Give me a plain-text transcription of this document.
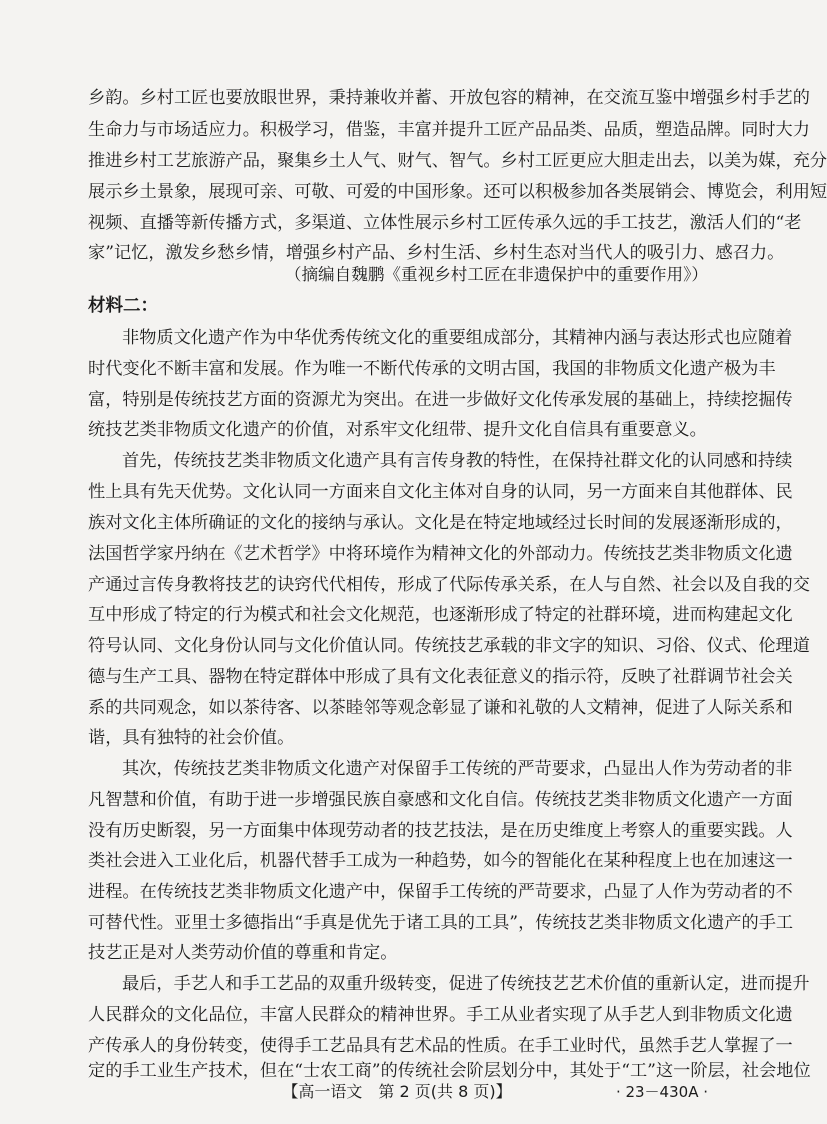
乡韵。乡村工匠也要放眼世界，秉持兼收并蓄、开放包容的精神，在交流互鉴中增强乡村手艺的
生命力与市场适应力。积极学习，借鉴，丰富并提升工匠产品品类、品质，塑造品牌。同时大力
推进乡村工艺旅游产品，聚集乡土人气、财气、智气。乡村工匠更应大胆走出去，以美为媒，充分
展示乡土景象，展现可亲、可敬、可爱的中国形象。还可以积极参加各类展销会、博览会，利用短
视频、直播等新传播方式，多渠道、立体性展示乡村工匠传承久远的手工技艺，激活人们的“老
家”记忆，激发乡愁乡情，增强乡村产品、乡村生活、乡村生态对当代人的吸引力、感召力。
（摘编自魏鹏《重视乡村工匠在非遗保护中的重要作用》）
材料二：
非物质文化遗产作为中华优秀传统文化的重要组成部分，其精神内涵与表达形式也应随着
时代变化不断丰富和发展。作为唯一不断代传承的文明古国，我国的非物质文化遗产极为丰
富，特别是传统技艺方面的资源尤为突出。在进一步做好文化传承发展的基础上，持续挖掘传
统技艺类非物质文化遗产的价值，对系牢文化纽带、提升文化自信具有重要意义。
首先，传统技艺类非物质文化遗产具有言传身教的特性，在保持社群文化的认同感和持续
性上具有先天优势。文化认同一方面来自文化主体对自身的认同，另一方面来自其他群体、民
族对文化主体所确证的文化的接纳与承认。文化是在特定地域经过长时间的发展逐渐形成的，
法国哲学家丹纳在《艺术哲学》中将环境作为精神文化的外部动力。传统技艺类非物质文化遗
产通过言传身教将技艺的诀窍代代相传，形成了代际传承关系，在人与自然、社会以及自我的交
互中形成了特定的行为模式和社会文化规范，也逐渐形成了特定的社群环境，进而构建起文化
符号认同、文化身份认同与文化价值认同。传统技艺承载的非文字的知识、习俗、仪式、伦理道
德与生产工具、器物在特定群体中形成了具有文化表征意义的指示符，反映了社群调节社会关
系的共同观念，如以茶待客、以茶睦邻等观念彰显了谦和礼敬的人文精神，促进了人际关系和
谐，具有独特的社会价值。
其次，传统技艺类非物质文化遗产对保留手工传统的严苛要求，凸显出人作为劳动者的非
凡智慧和价值，有助于进一步增强民族自豪感和文化自信。传统技艺类非物质文化遗产一方面
没有历史断裂，另一方面集中体现劳动者的技艺技法，是在历史维度上考察人的重要实践。人
类社会进入工业化后，机器代替手工成为一种趋势，如今的智能化在某种程度上也在加速这一
进程。在传统技艺类非物质文化遗产中，保留手工传统的严苛要求，凸显了人作为劳动者的不
可替代性。亚里士多德指出“手真是优先于诸工具的工具”，传统技艺类非物质文化遗产的手工
技艺正是对人类劳动价值的尊重和肯定。
最后，手艺人和手工艺品的双重升级转变，促进了传统技艺艺术价值的重新认定，进而提升
人民群众的文化品位，丰富人民群众的精神世界。手工从业者实现了从手艺人到非物质文化遗
产传承人的身份转变，使得手工艺品具有艺术品的性质。在手工业时代，虽然手艺人掌握了一
定的手工业生产技术，但在“士农工商”的传统社会阶层划分中，其处于“工”这一阶层，社会地位
【高一语文　第 2 页(共 8 页)】	· 23－430A ·
